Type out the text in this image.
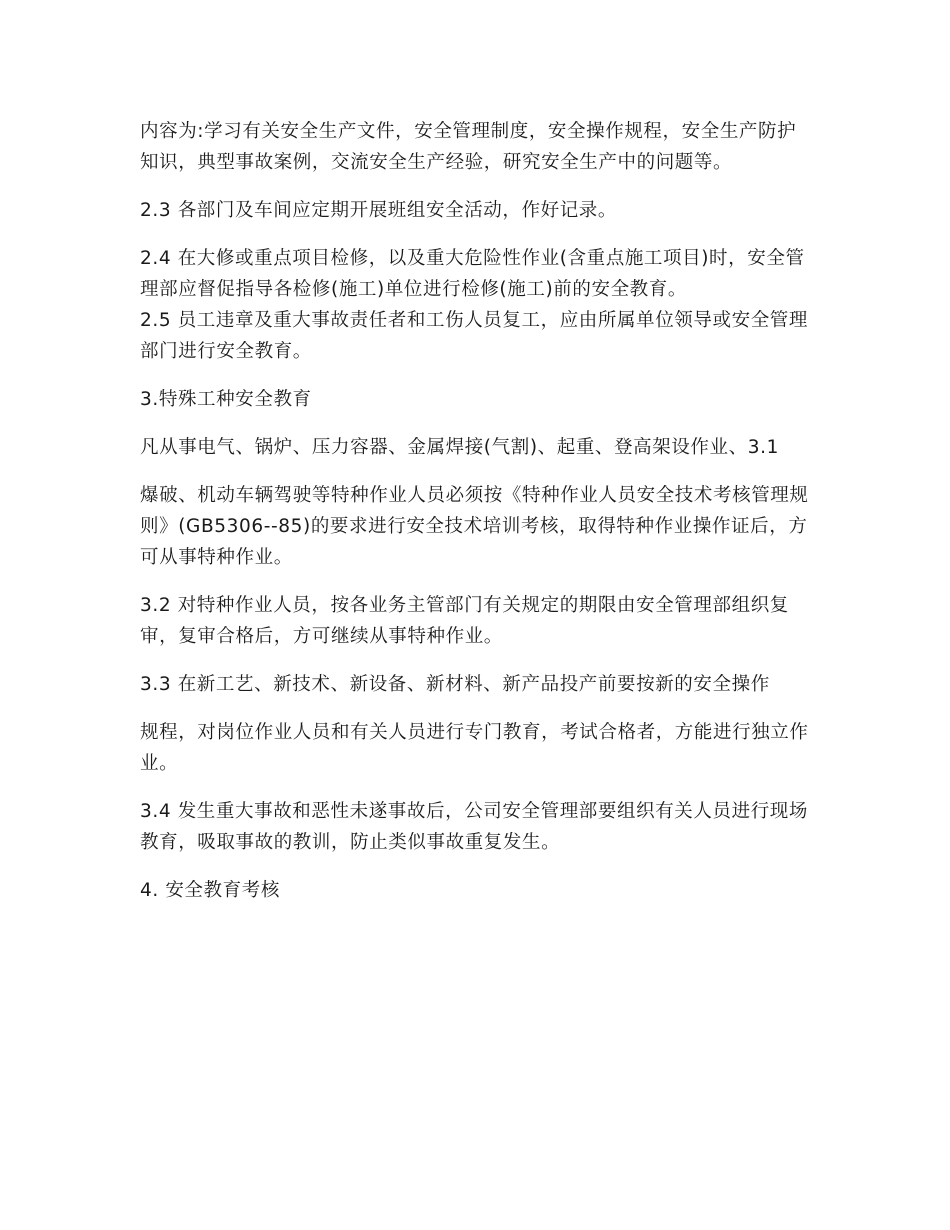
内容为:学习有关安全生产文件，安全管理制度，安全操作规程，安全生产防护知识，典型事故案例，交流安全生产经验，研究安全生产中的问题等。

2.3 各部门及车间应定期开展班组安全活动，作好记录。

2.4 在大修或重点项目检修，以及重大危险性作业(含重点施工项目)时，安全管理部应督促指导各检修(施工)单位进行检修(施工)前的安全教育。

2.5 员工违章及重大事故责任者和工伤人员复工，应由所属单位领导或安全管理部门进行安全教育。

3.特殊工种安全教育

凡从事电气、锅炉、压力容器、金属焊接(气割)、起重、登高架设作业、3.1

爆破、机动车辆驾驶等特种作业人员必须按《特种作业人员安全技术考核管理规则》(GB5306--85)的要求进行安全技术培训考核，取得特种作业操作证后，方可从事特种作业。

3.2 对特种作业人员，按各业务主管部门有关规定的期限由安全管理部组织复审，复审合格后，方可继续从事特种作业。

3.3 在新工艺、新技术、新设备、新材料、新产品投产前要按新的安全操作

规程，对岗位作业人员和有关人员进行专门教育，考试合格者，方能进行独立作业。

3.4 发生重大事故和恶性未遂事故后，公司安全管理部要组织有关人员进行现场教育，吸取事故的教训，防止类似事故重复发生。

4. 安全教育考核
